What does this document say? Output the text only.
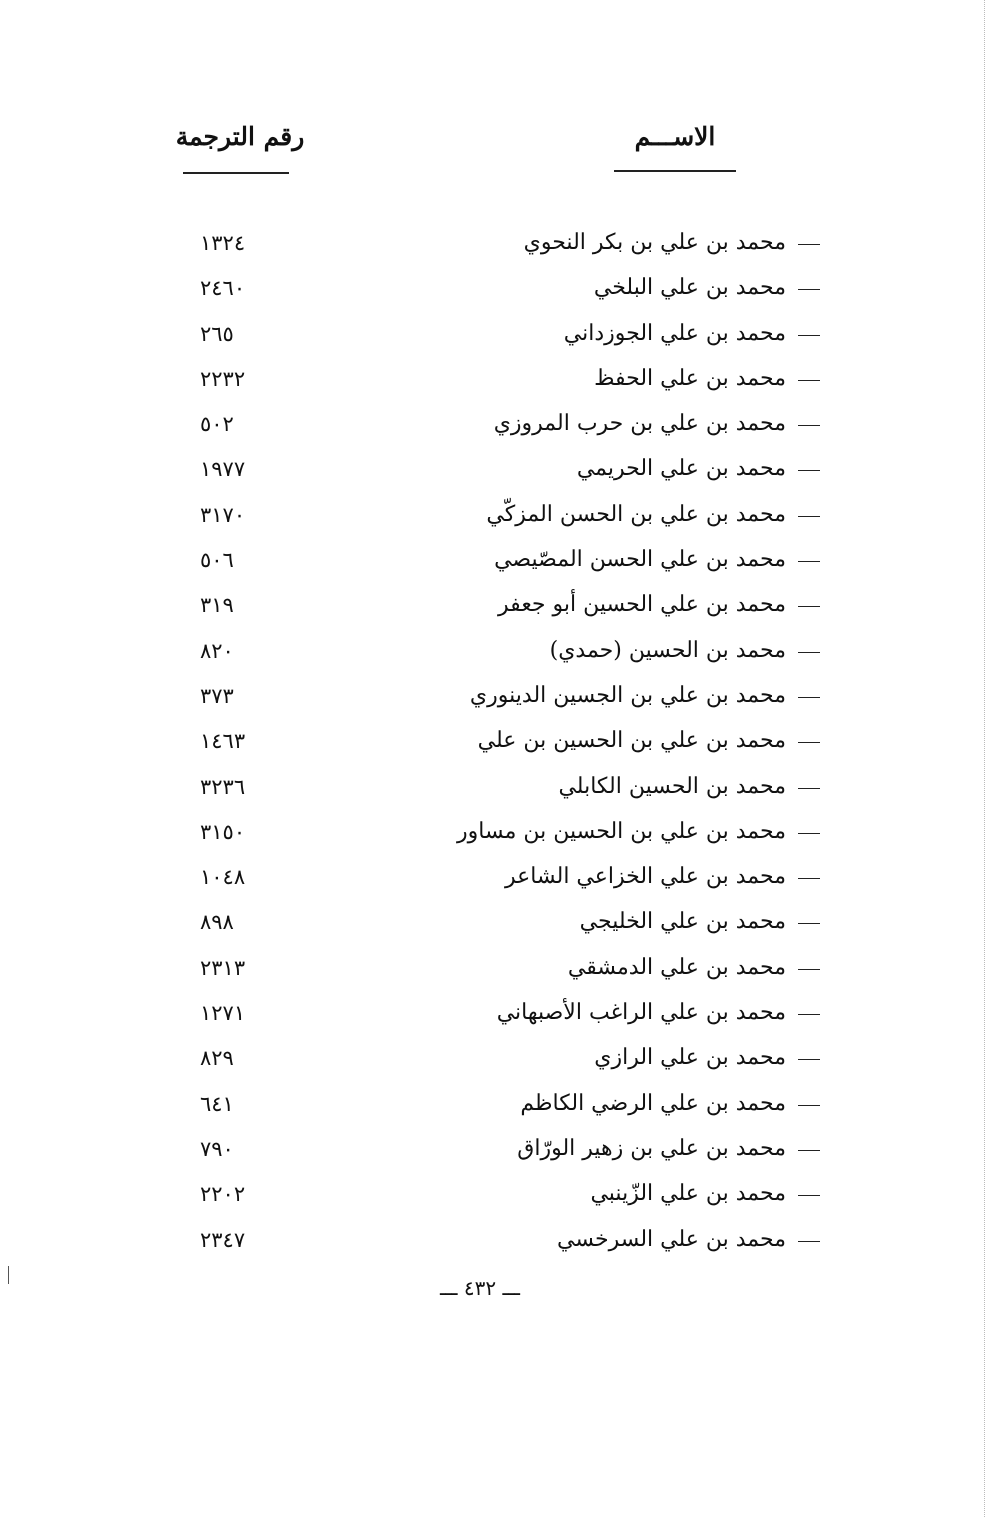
الاســـم
رقم الترجمة
محمد بن علي بن بكر النحوي
١٣٢٤
محمد بن علي البلخي
٢٤٦٠
محمد بن علي الجوزداني
٢٦٥
محمد بن علي الحفظ
٢٢٣٢
محمد بن علي بن حرب المروزي
٥٠٢
محمد بن علي الحريمي
١٩٧٧
محمد بن علي بن الحسن المزكّي
٣١٧٠
محمد بن علي الحسن المصّيصي
٥٠٦
محمد بن علي الحسين أبو جعفر
٣١٩
محمد بن الحسين (حمدي)
٨٢٠
محمد بن علي بن الجسين الدينوري
٣٧٣
محمد بن علي بن الحسين بن علي
١٤٦٣
محمد بن الحسين الكابلي
٣٢٣٦
محمد بن علي بن الحسين بن مساور
٣١٥٠
محمد بن علي الخزاعي الشاعر
١٠٤٨
محمد بن علي الخليجي
٨٩٨
محمد بن علي الدمشقي
٢٣١٣
محمد بن علي الراغب الأصبهاني
١٢٧١
محمد بن علي الرازي
٨٢٩
محمد بن علي الرضي الكاظم
٦٤١
محمد بن علي بن زهير الورّاق
٧٩٠
محمد بن علي الزّينبي
٢٢٠٢
محمد بن علي السرخسي
٢٣٤٧
ـــ ٤٣٢ ـــ
